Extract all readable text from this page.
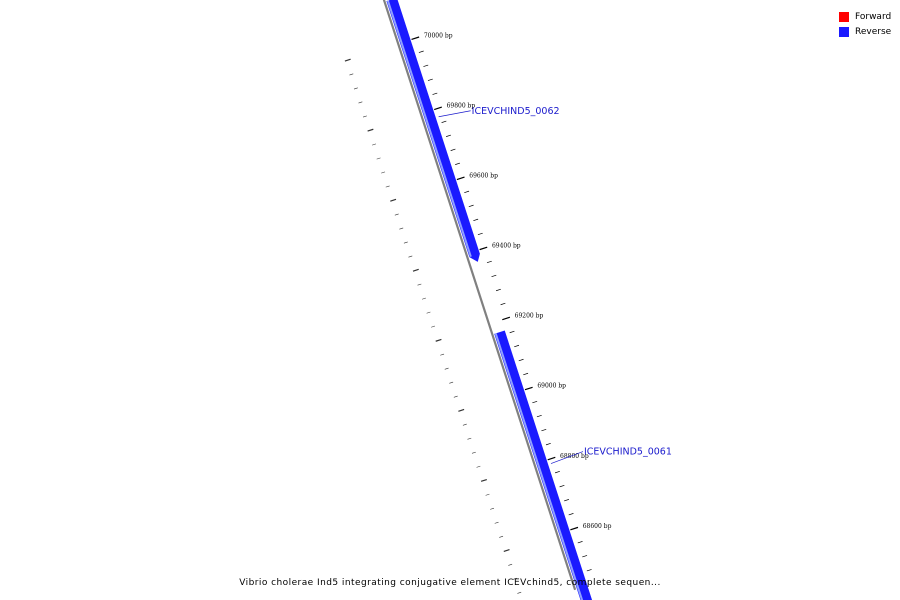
70000 bp
69800 bp
69600 bp
69400 bp
69200 bp
69000 bp
68800 bp
68600 bp
ICEVCHIND5_0062
ICEVCHIND5_0061
Forward
Reverse
Vibrio cholerae Ind5 integrating conjugative element ICEVchind5, complete sequen...
